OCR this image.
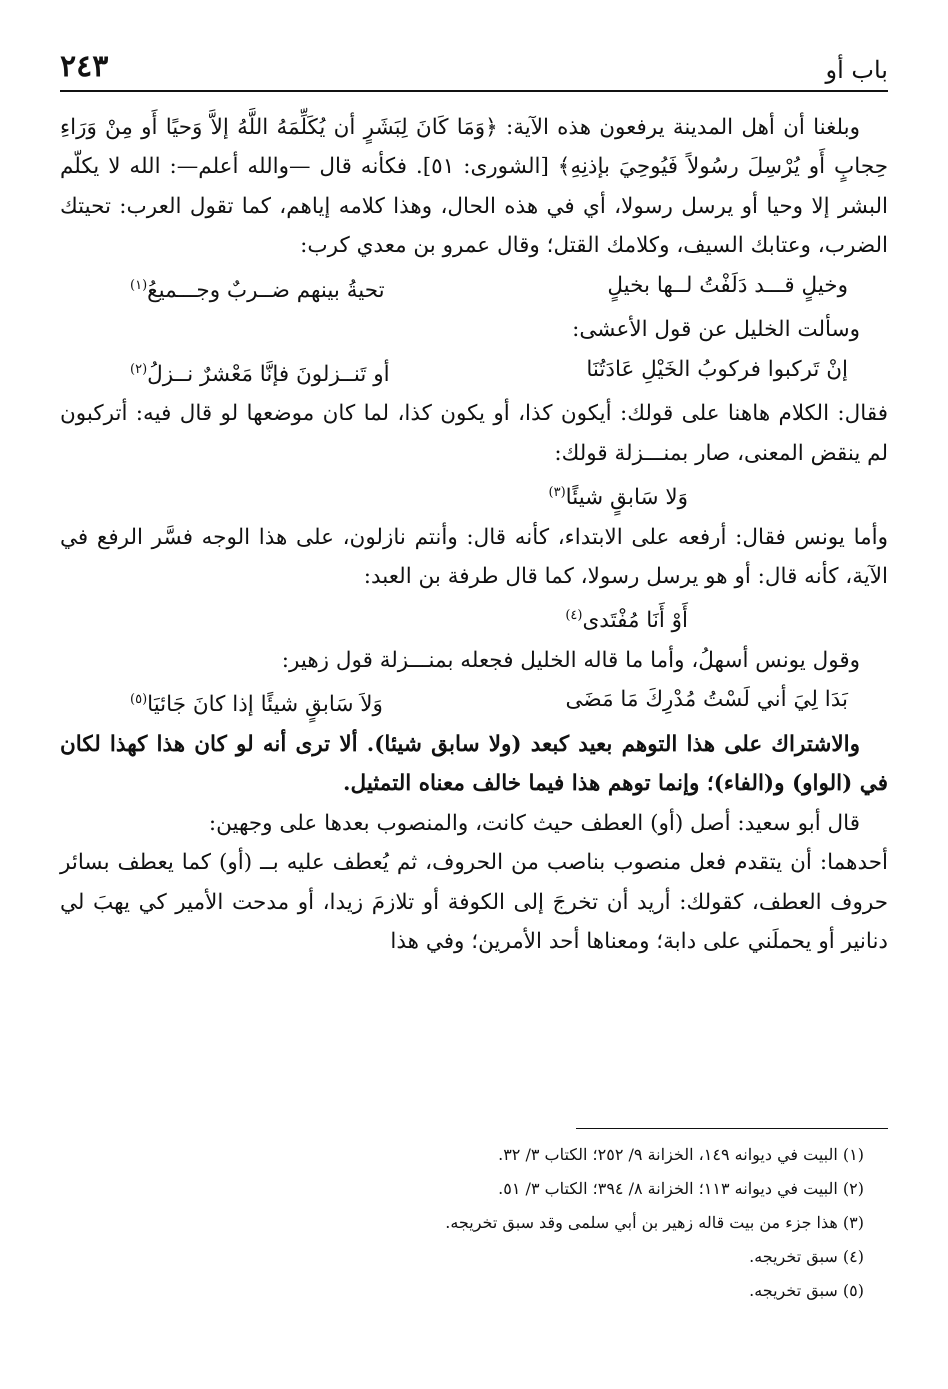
باب أو
٢٤٣

وبلغنا أن أهل المدينة يرفعون هذه الآية: ﴿وَمَا كَانَ لِبَشَرٍ أن يُكَلِّمَهُ اللَّهُ إلاَّ وَحيًا أَو مِنْ وَرَاءِ حِجابٍ أَو يُرْسِلَ رسُولاً فَيُوحِيَ بإذنِهِ﴾ [الشورى: ٥١]. فكأنه قال —والله أعلم—: الله لا يكلّم البشر إلا وحيا أو يرسل رسولا، أي في هذه الحال، وهذا كلامه إياهم، كما تقول العرب: تحيتك الضرب، وعتابك السيف، وكلامك القتل؛ وقال عمرو بن معدي كرب:

وخيلٍ قـــد دَلَفْتُ لــها بخيلٍ
تحيةُ بينهم ضــربٌ وجـــميعُ$^{(١)}$

وسألت الخليل عن قول الأعشى:

إنْ تَركبوا فركوبُ الخَيْلِ عَادَتُنَا
أو تَنــزلونَ فإنَّا مَعْشرٌ نــزلُ$^{(٢)}$

فقال: الكلام هاهنا على قولك: أيكون كذا، أو يكون كذا، لما كان موضعها لو قال فيه: أتركبون لم ينقض المعنى، صار بمنـــزلة قولك:

وَلا سَابقٍ شيئًا$^{(٣)}$

وأما يونس فقال: أرفعه على الابتداء، كأنه قال: وأنتم نازلون، على هذا الوجه فسَّر الرفع في الآية، كأنه قال: أو هو يرسل رسولا، كما قال طرفة بن العبد:

أَوْ أَنَا مُفْتَدى$^{(٤)}$

وقول يونس أسهلُ، وأما ما قاله الخليل فجعله بمنـــزلة قول زهير:

بَدَا لِيَ أني لَسْتُ مُدْرِكَ مَا مَضَى
وَلاَ سَابقٍ شيئًا إذا كانَ جَائيَا$^{(٥)}$

والاشتراك على هذا التوهم بعيد كبعد (ولا سابق شيئا). ألا ترى أنه لو كان هذا كهذا لكان في (الواو) و(الفاء)؛ وإنما توهم هذا فيما خالف معناه التمثيل.

قال أبو سعيد: أصل (أو) العطف حيث كانت، والمنصوب بعدها على وجهين:

أحدهما: أن يتقدم فعل منصوب بناصب من الحروف، ثم يُعطف عليه بــ (أو) كما يعطف بسائر حروف العطف، كقولك: أريد أن تخرجَ إلى الكوفة أو تلازمَ زيدا، أو مدحت الأمير كي يهبَ لي دنانير أو يحملَني على دابة؛ ومعناها أحد الأمرين؛ وفي هذا

(١) البيت في ديوانه ١٤٩، الخزانة ٩/ ٢٥٢؛ الكتاب ٣/ ٣٢.
(٢) البيت في ديوانه ١١٣؛ الخزانة ٨/ ٣٩٤؛ الكتاب ٣/ ٥١.
(٣) هذا جزء من بيت قاله زهير بن أبي سلمى وقد سبق تخريجه.
(٤) سبق تخريجه.
(٥) سبق تخريجه.
